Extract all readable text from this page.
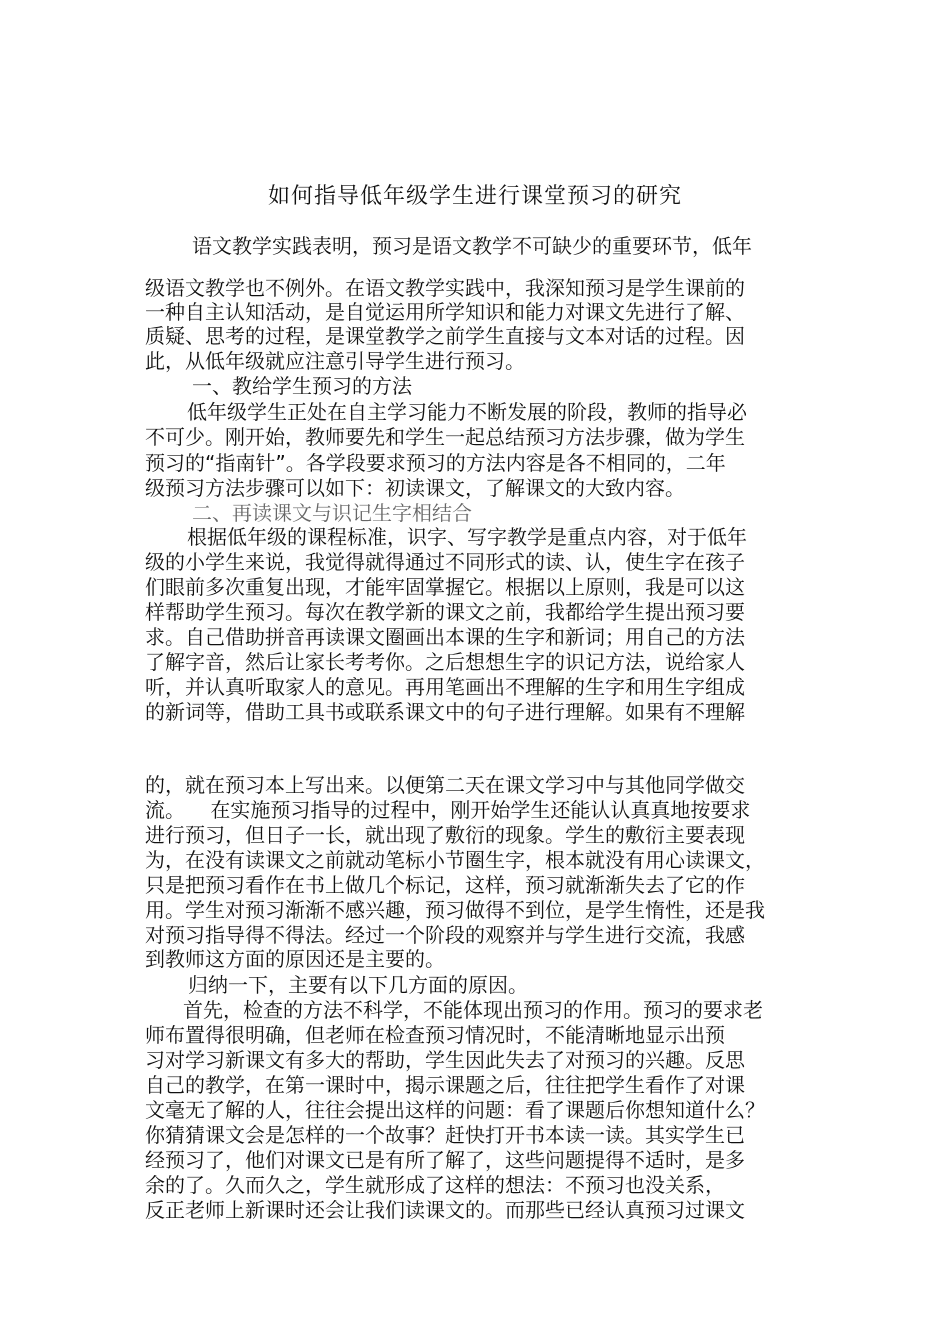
如何指导低年级学生进行课堂预习的研究
语文教学实践表明，预习是语文教学不可缺少的重要环节，低年
级语文教学也不例外。在语文教学实践中，我深知预习是学生课前的
一种自主认知活动，是自觉运用所学知识和能力对课文先进行了解、
质疑、思考的过程，是课堂教学之前学生直接与文本对话的过程。因
此，从低年级就应注意引导学生进行预习。
一、教给学生预习的方法
低年级学生正处在自主学习能力不断发展的阶段，教师的指导必
不可少。刚开始，教师要先和学生一起总结预习方法步骤，做为学生
预习的“指南针”。各学段要求预习的方法内容是各不相同的，二年
级预习方法步骤可以如下：初读课文，了解课文的大致内容。
二、再读课文与识记生字相结合
根据低年级的课程标准，识字、写字教学是重点内容，对于低年
级的小学生来说，我觉得就得通过不同形式的读、认，使生字在孩子
们眼前多次重复出现，才能牢固掌握它。根据以上原则，我是可以这
样帮助学生预习。每次在教学新的课文之前，我都给学生提出预习要
求。自己借助拼音再读课文圈画出本课的生字和新词；用自己的方法
了解字音，然后让家长考考你。之后想想生字的识记方法，说给家人
听，并认真听取家人的意见。再用笔画出不理解的生字和用生字组成
的新词等，借助工具书或联系课文中的句子进行理解。如果有不理解
的，就在预习本上写出来。以便第二天在课文学习中与其他同学做交
流。    在实施预习指导的过程中，刚开始学生还能认认真真地按要求
进行预习，但日子一长，就出现了敷衍的现象。学生的敷衍主要表现
为，在没有读课文之前就动笔标小节圈生字，根本就没有用心读课文，
只是把预习看作在书上做几个标记，这样，预习就渐渐失去了它的作
用。学生对预习渐渐不感兴趣，预习做得不到位，是学生惰性，还是我
对预习指导得不得法。经过一个阶段的观察并与学生进行交流，我感
到教师这方面的原因还是主要的。
归纳一下，主要有以下几方面的原因。
首先，检查的方法不科学，不能体现出预习的作用。预习的要求老
师布置得很明确，但老师在检查预习情况时，不能清晰地显示出预
习对学习新课文有多大的帮助，学生因此失去了对预习的兴趣。反思
自己的教学，在第一课时中，揭示课题之后，往往把学生看作了对课
文毫无了解的人，往往会提出这样的问题：看了课题后你想知道什么？
你猜猜课文会是怎样的一个故事？赶快打开书本读一读。其实学生已
经预习了，他们对课文已是有所了解了，这些问题提得不适时，是多
余的了。久而久之，学生就形成了这样的想法：不预习也没关系，
反正老师上新课时还会让我们读课文的。而那些已经认真预习过课文
